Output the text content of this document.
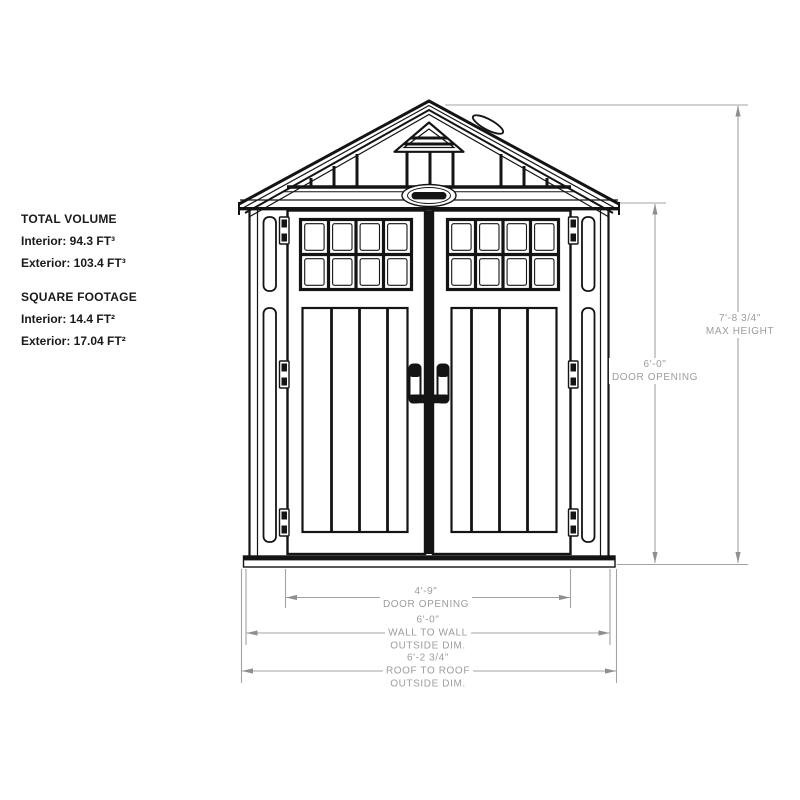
7'-8 3/4"
MAX HEIGHT
6'-0"
DOOR OPENING
4'-9"
DOOR OPENING
6'-0"
WALL TO WALL
OUTSIDE DIM.
6'-2 3/4"
ROOF TO ROOF
OUTSIDE DIM.
TOTAL VOLUME
Interior: 94.3 FT³
Exterior: 103.4 FT³
SQUARE FOOTAGE
Interior: 14.4 FT²
Exterior: 17.04 FT²
